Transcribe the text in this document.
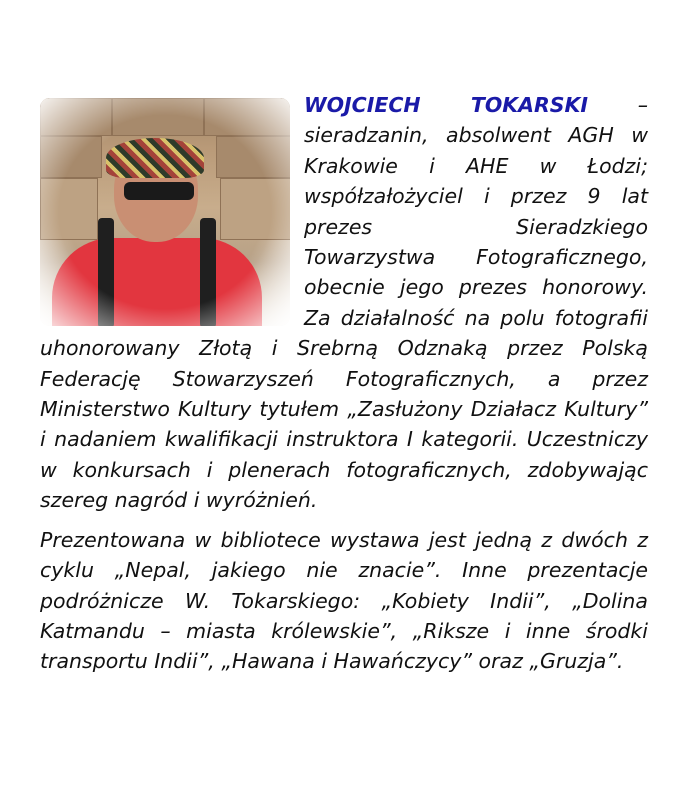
WOJCIECH TOKARSKI
– sieradzanin, absolwent AGH w Krakowie i AHE w Łodzi; współzałożyciel i przez 9 lat prezes Sieradzkiego Towarzystwa Fotograficznego, obecnie jego prezes honorowy. Za działalność na polu fotografii uhonorowany Złotą i Srebrną Odznaką przez Polską Federację Stowarzyszeń Fotograficznych, a przez Ministerstwo Kultury tytułem „Zasłużony Działacz Kultury” i nadaniem kwalifikacji instruktora I kategorii. Uczestniczy w konkursach i plenerach fotograficznych, zdobywając szereg nagród i wyróżnień.

Prezentowana w bibliotece wystawa jest jedną z dwóch z cyklu „Nepal, jakiego nie znacie”. Inne prezentacje podróżnicze W. Tokarskiego: „Kobiety Indii”, „Dolina Katmandu – miasta królewskie”, „Riksze i inne środki transportu Indii”, „Hawana i Hawańczycy” oraz „Gruzja”.
